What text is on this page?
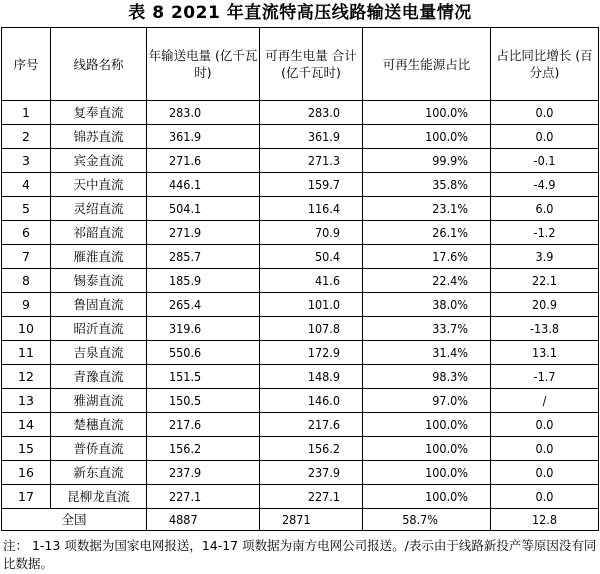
表 8 2021 年直流特高压线路输送电量情况
序号	线路名称	年输送电量 (亿千瓦时)	可再生电量 合计 (亿千瓦时)	可再生能源占比	占比同比增长 (百分点)
1	复奉直流	283.0	283.0	100.0%	0.0
2	锦苏直流	361.9	361.9	100.0%	0.0
3	宾金直流	271.6	271.3	99.9%	-0.1
4	天中直流	446.1	159.7	35.8%	-4.9
5	灵绍直流	504.1	116.4	23.1%	6.0
6	祁韶直流	271.9	70.9	26.1%	-1.2
7	雁淮直流	285.7	50.4	17.6%	3.9
8	锡泰直流	185.9	41.6	22.4%	22.1
9	鲁固直流	265.4	101.0	38.0%	20.9
10	昭沂直流	319.6	107.8	33.7%	-13.8
11	吉泉直流	550.6	172.9	31.4%	13.1
12	青豫直流	151.5	148.9	98.3%	-1.7
13	雅湖直流	150.5	146.0	97.0%	/
14	楚穗直流	217.6	217.6	100.0%	0.0
15	普侨直流	156.2	156.2	100.0%	0.0
16	新东直流	237.9	237.9	100.0%	0.0
17	昆柳龙直流	227.1	227.1	100.0%	0.0
全国		4887	2871	58.7%	12.8
注： 1-13 项数据为国家电网报送，14-17 项数据为南方电网公司报送。/表示由于线路新投产等原因没有同比数据。
